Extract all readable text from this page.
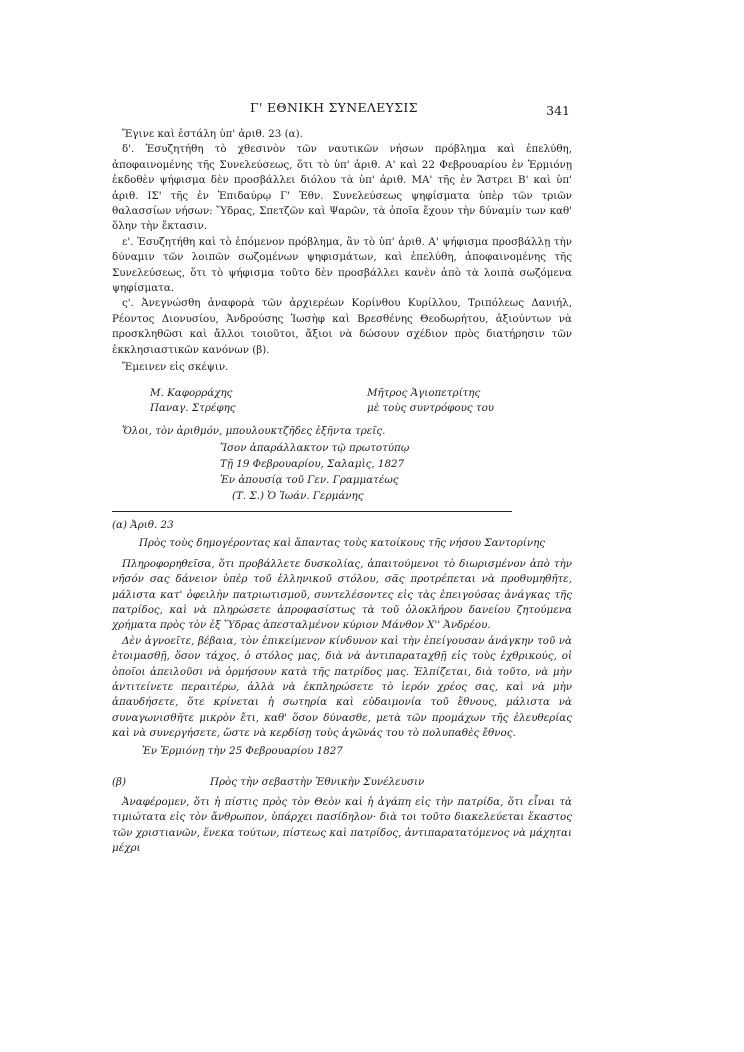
Γ' ΕΘΝΙΚΗ ΣΥΝΕΛΕΥΣΙΣ	341

Ἔγινε καὶ ἐστάλη ὑπ' ἀριθ. 23 (α).

δ'. Ἐσυζητήθη τὸ χθεσινὸν τῶν ναυτικῶν νήσων πρόβλημα καὶ ἐπελύθη, ἀποφαινομένης τῆς Συνελεύσεως, ὅτι τὸ ὑπ' ἀριθ. Α' καὶ 22 Φεβρουαρίου ἐν Ἑρμιόνῃ ἐκδοθὲν ψήφισμα δὲν προσβάλλει διόλου τὰ ὑπ' ἀριθ. ΜΑ' τῆς ἐν Ἄστρει Β' καὶ ὑπ' ἀριθ. ΙΣ' τῆς ἐν Ἐπιδαύρῳ Γ' Ἐθν. Συνελεύσεως ψηφίσματα ὑπὲρ τῶν τριῶν θαλασσίων νήσων: Ὕδρας, Σπετζῶν καὶ Ψαρῶν, τὰ ὁποῖα ἔχουν τὴν δύναμίν των καθ' ὅλην τὴν ἔκτασιν.

ε'. Ἐσυζητήθη καὶ τὸ ἑπόμενον πρόβλημα, ἂν τὸ ὑπ' ἀριθ. Α' ψήφισμα προσβάλλῃ τὴν δύναμιν τῶν λοιπῶν σωζομένων ψηφισμάτων, καὶ ἐπελύθη, ἀποφαινομένης τῆς Συνελεύσεως, ὅτι τὸ ψήφισμα τοῦτο δὲν προσβάλλει κανὲν ἀπὸ τὰ λοιπὰ σωζόμενα ψηφίσματα.

ς'. Ἀνεγνώσθη ἀναφορὰ τῶν ἀρχιερέων Κορίνθου Κυρίλλου, Τριπόλεως Δανιήλ, Ρέοντος Διονυσίου, Ἀνδρούσης Ἰωσὴφ καὶ Βρεσθένης Θεοδωρήτου, ἀξιούντων νὰ προσκληθῶσι καὶ ἄλλοι τοιοῦτοι, ἄξιοι νὰ δώσουν σχέδιον πρὸς διατήρησιν τῶν ἐκκλησιαστικῶν κανόνων (β).

Ἔμεινεν εἰς σκέψιν.

Μ. Καφορράχης
Παναγ. Στρέφης
Μῆτρος Ἁγιοπετρίτης
μὲ τοὺς συντρόφους του

Ὅλοι, τὸν ἀριθμόν, μπουλουκτζῆδες ἑξῆντα τρεῖς.

Ἴσον ἀπαράλλακτον τῷ πρωτοτύπῳ
Τῇ 19 Φεβρουαρίου, Σαλαμὶς, 1827
Ἐν ἀπουσίᾳ τοῦ Γεν. Γραμματέως
(Τ. Σ.) Ὁ Ἰωάν. Γερμάνης
(α) Ἀριθ. 23

Πρὸς τοὺς δημογέροντας καὶ ἅπαντας τοὺς κατοίκους τῆς νήσου Σαντορίνης

Πληροφορηθεῖσα, ὅτι προβάλλετε δυσκολίας, ἀπαιτούμενοι τὸ διωρισμένον ἀπὸ τὴν νῆσόν σας δάνειον ὑπὲρ τοῦ ἑλληνικοῦ στόλου, σᾶς προτρέπεται νὰ προθυμηθῆτε, μάλιστα κατ' ὀφειλὴν πατριωτισμοῦ, συντελέσοντες εἰς τὰς ἐπειγούσας ἀνάγκας τῆς πατρίδος, καὶ νὰ πληρώσετε ἀπροφασίστως τὰ τοῦ ὁλοκλήρου δανείου ζητούμενα χρήματα πρὸς τὸν ἐξ Ὕδρας ἀπεσταλμένον κύριον Μάνθον Χ'' Ἀνδρέου.

Δὲν ἀγνοεῖτε, βέβαια, τὸν ἐπικείμενον κίνδυνον καὶ τὴν ἐπείγουσαν ἀνάγκην τοῦ νὰ ἑτοιμασθῇ, ὅσον τάχος, ὁ στόλος μας, διὰ νὰ ἀντιπαραταχθῇ εἰς τοὺς ἐχθρικούς, οἱ ὁποῖοι ἀπειλοῦσι νὰ ὁρμήσουν κατὰ τῆς πατρίδος μας. Ἐλπίζεται, διὰ τοῦτο, νὰ μὴν ἀντιτείνετε περαιτέρω, ἀλλὰ νὰ ἐκπληρώσετε τὸ ἱερόν χρέος σας, καὶ νὰ μὴν ἀπαυδήσετε, ὅτε κρίνεται ἡ σωτηρία καὶ εὐδαιμονία τοῦ ἔθνους, μάλιστα νὰ συναγωνισθῆτε μικρὸν ἔτι, καθ' ὅσον δύνασθε, μετὰ τῶν προμάχων τῆς ἐλευθερίας καὶ νὰ συνεργήσετε, ὥστε νὰ κερδίσῃ τοὺς ἀγῶνάς του τὸ πολυπαθὲς ἔθνος.

Ἐν Ἑρμιόνῃ τὴν 25 Φεβρουαρίου 1827

(β)	Πρὸς τὴν σεβαστὴν Ἐθνικὴν Συνέλευσιν

Ἀναφέρομεν, ὅτι ἡ πίστις πρὸς τὸν Θεὸν καὶ ἡ ἀγάπη εἰς τὴν πατρίδα, ὅτι εἶναι τὰ τιμιώτατα εἰς τὸν ἄνθρωπον, ὑπάρχει πασίδηλον· διὰ τοι τοῦτο διακελεύεται ἕκαστος τῶν χριστιανῶν, ἕνεκα τούτων, πίστεως καὶ πατρίδος, ἀντιπαρατατόμενος νὰ μάχηται μέχρι
